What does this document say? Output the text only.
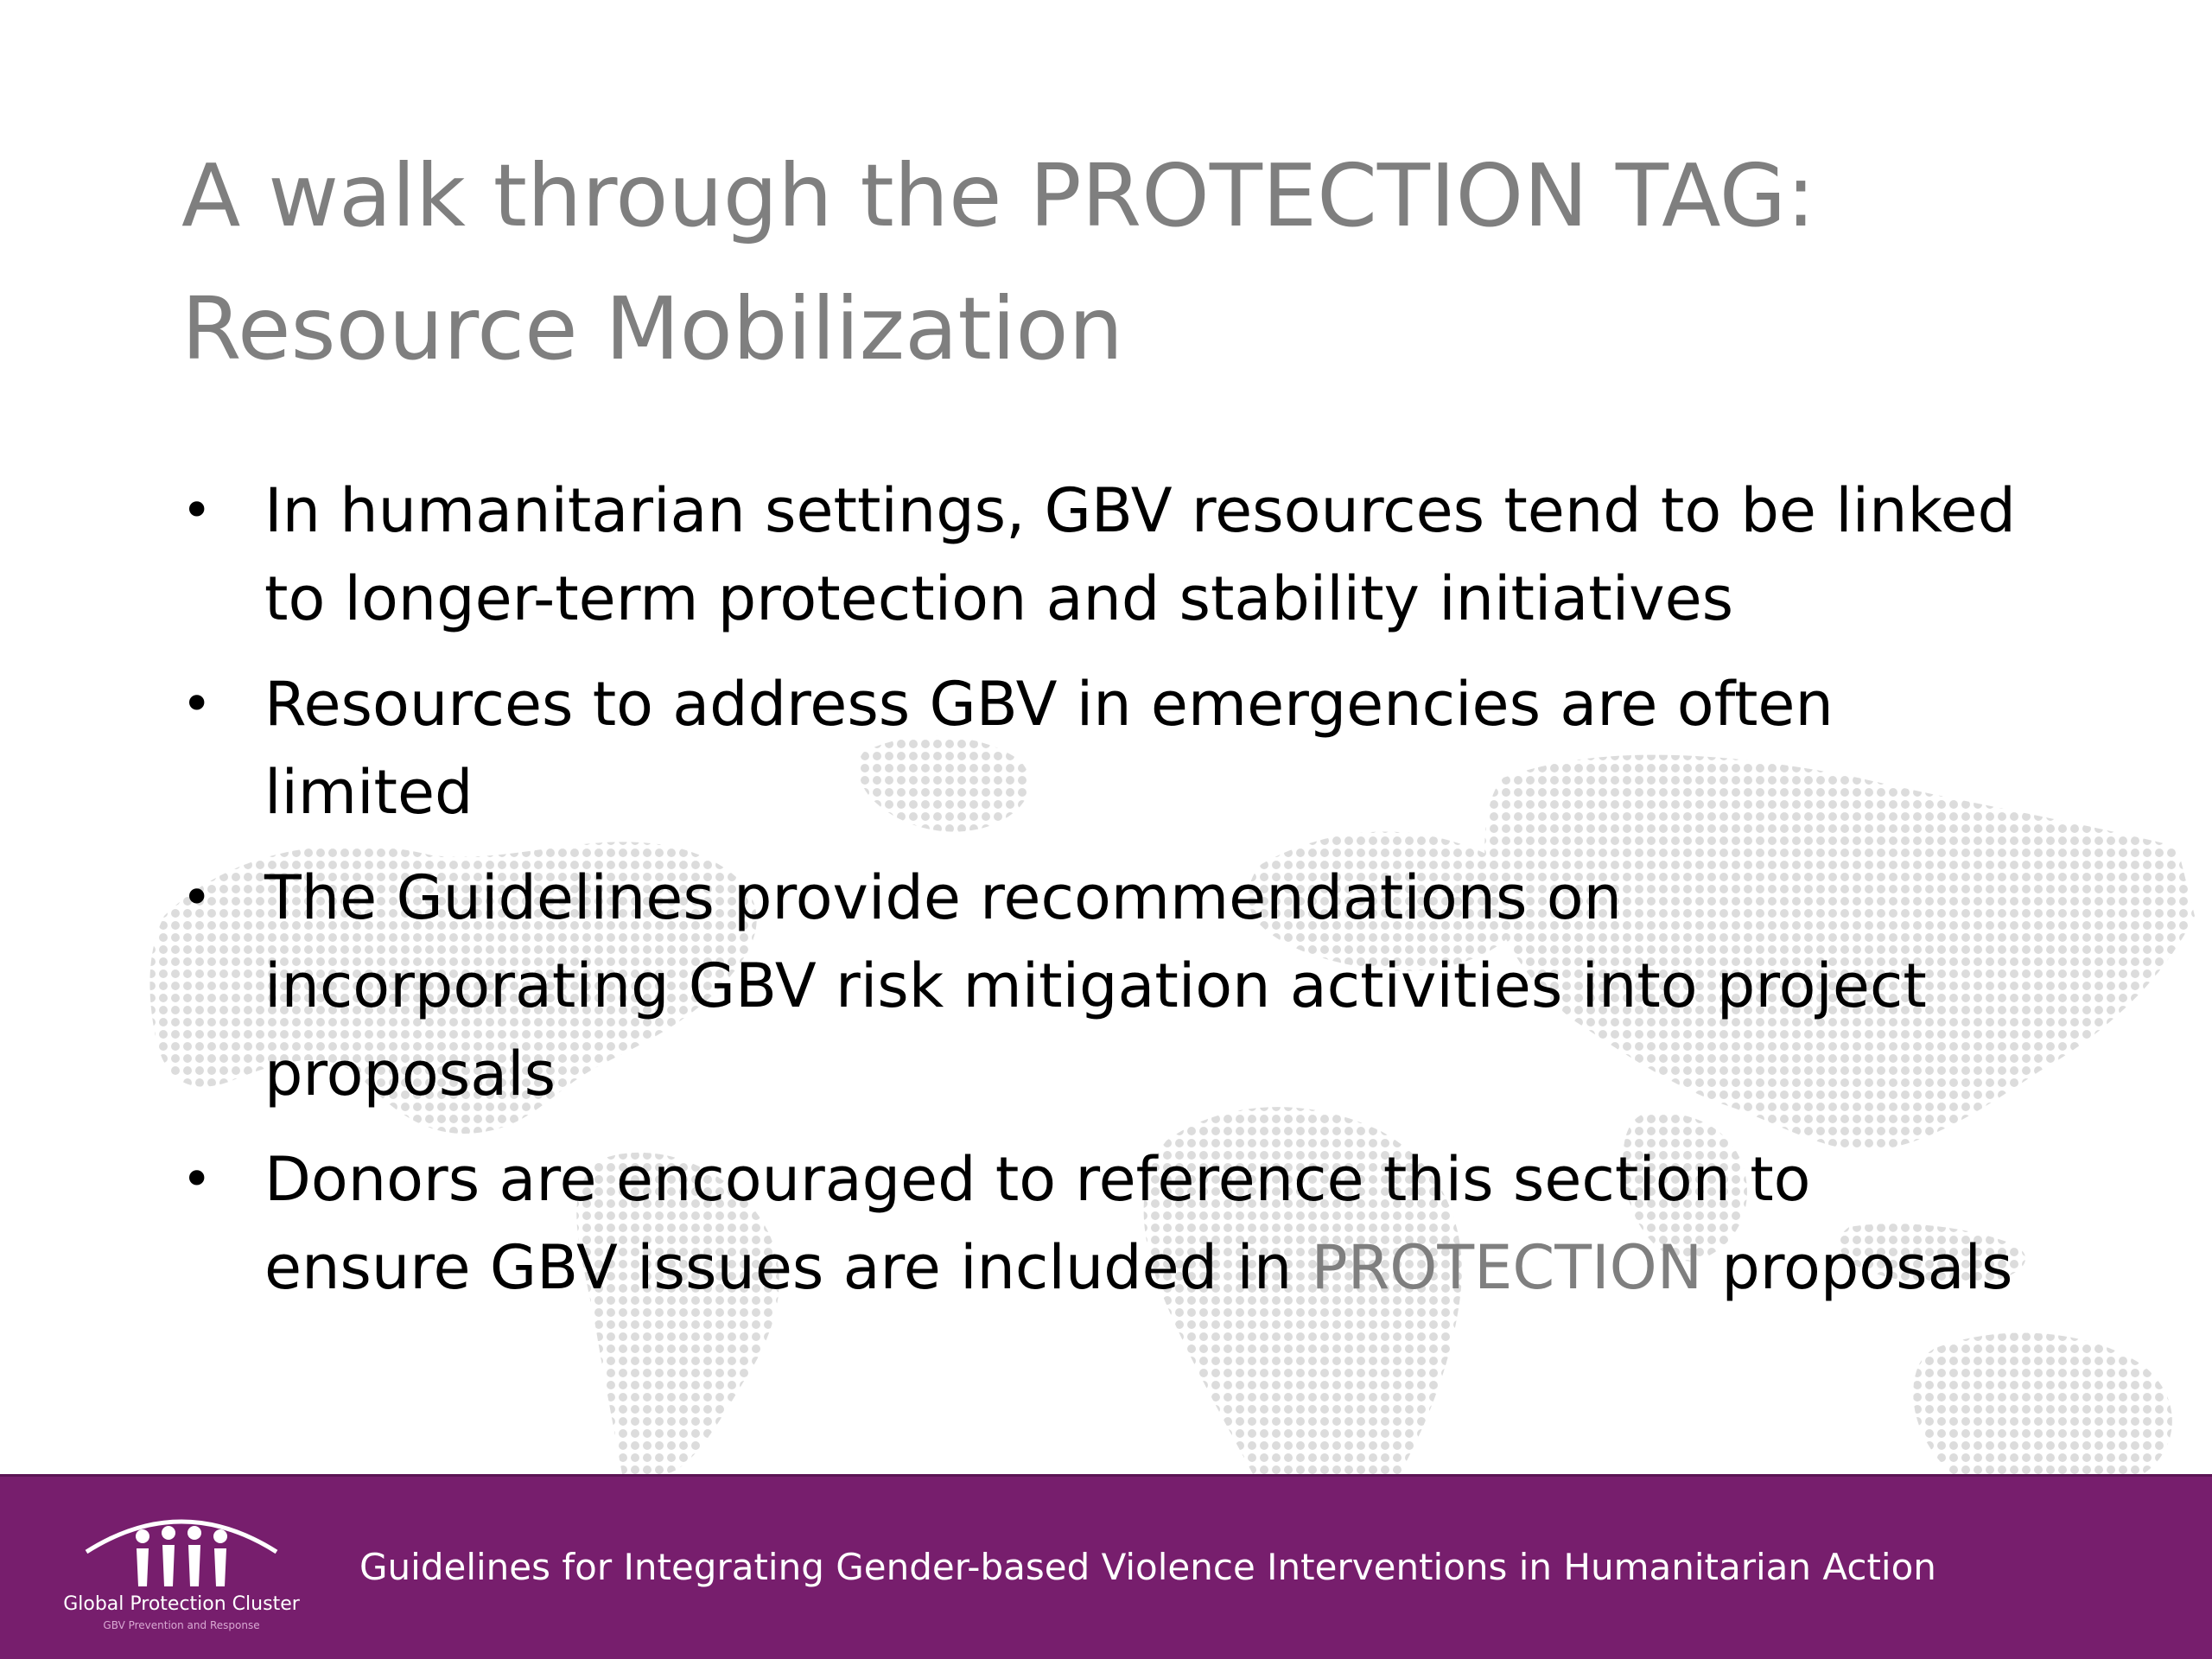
A walk through the PROTECTION TAG:
Resource Mobilization
• In humanitarian settings, GBV resources tend to be linked
to longer-term protection and stability initiatives
• Resources to address GBV in emergencies are often
limited
• The Guidelines provide recommendations on
incorporating GBV risk mitigation activities into project
proposals
• Donors are encouraged to reference this section to
ensure GBV issues are included in PROTECTION proposals
Global Protection Cluster
GBV Prevention and Response
Guidelines for Integrating Gender-based Violence Interventions in Humanitarian Action
